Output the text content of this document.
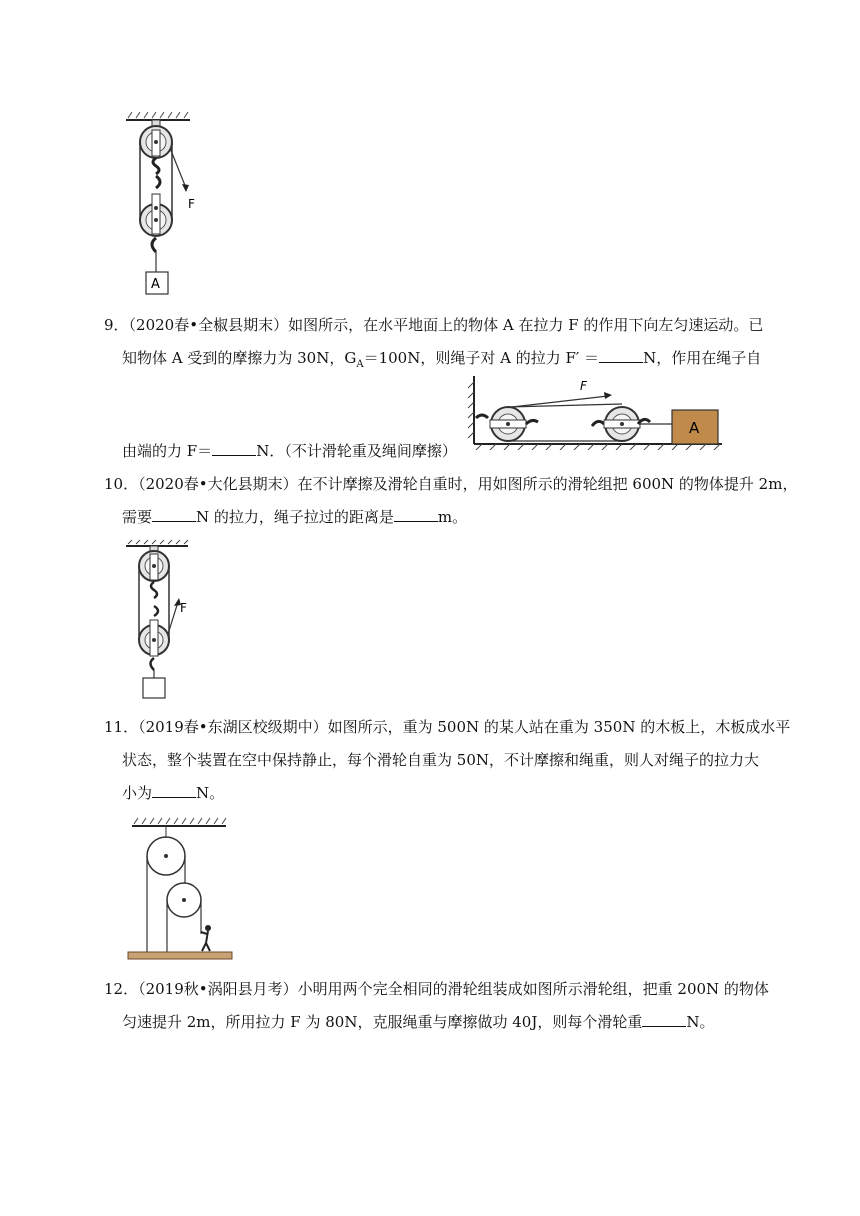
F
A
9．（2020春•全椒县期末）如图所示，在水平地面上的物体 A 在拉力 F 的作用下向左匀速运动。已
知物体 A 受到的摩擦力为 30N，$G_A=100N$，则绳子对 A 的拉力 F′ ＝	N，作用在绳子自
F
A
由端的力 F＝	N．（不计滑轮重及绳间摩擦）
10．（2020春•大化县期末）在不计摩擦及滑轮自重时，用如图所示的滑轮组把 600N 的物体提升 2m，
需要	N 的拉力，绳子拉过的距离是	m。
F
11．（2019春•东湖区校级期中）如图所示，重为 500N 的某人站在重为 350N 的木板上，木板成水平
状态，整个装置在空中保持静止，每个滑轮自重为 50N，不计摩擦和绳重，则人对绳子的拉力大
小为	N。
12．（2019秋•涡阳县月考）小明用两个完全相同的滑轮组装成如图所示滑轮组，把重 200N 的物体
匀速提升 2m，所用拉力 F 为 80N，克服绳重与摩擦做功 40J，则每个滑轮重	N。
